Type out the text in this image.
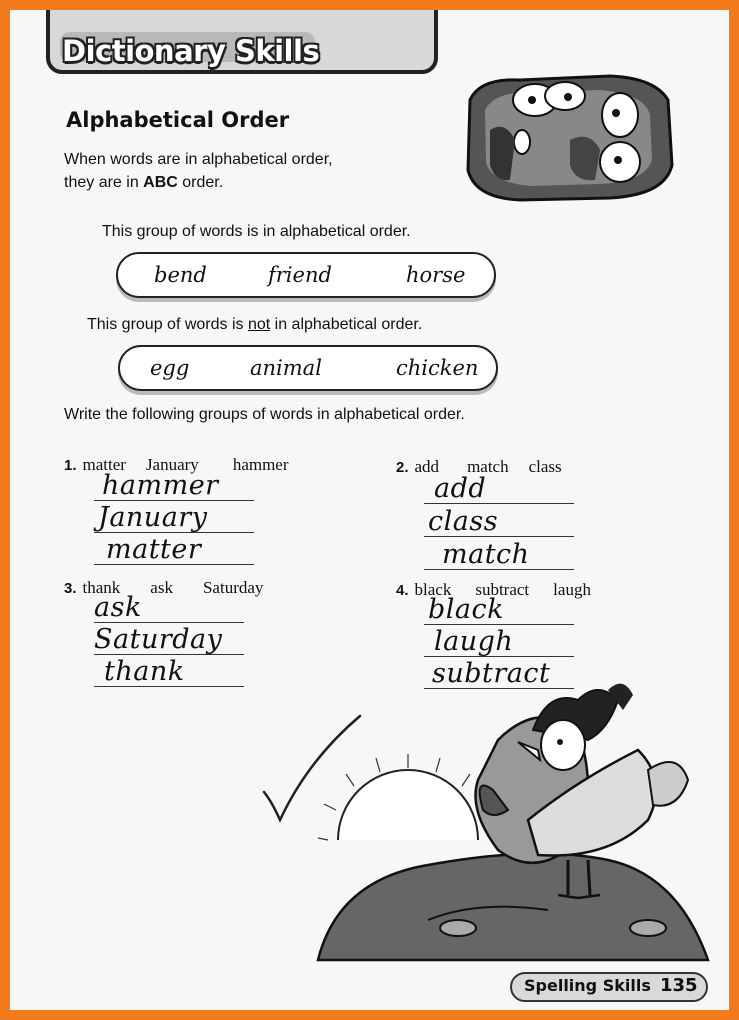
Dictionary Skills
Alphabetical Order
When words are in alphabetical order,
they are in ABC order.
This group of words is in alphabetical order.
bend	friend	horse
This group of words is not in alphabetical order.
egg	animal	chicken
Write the following groups of words in alphabetical order.
1. matter January hammer
hammer
January
matter
2. add match class
add
class
match
3. thank ask Saturday
ask
Saturday
thank
4. black subtract laugh
black
laugh
subtract
Spelling Skills 135
